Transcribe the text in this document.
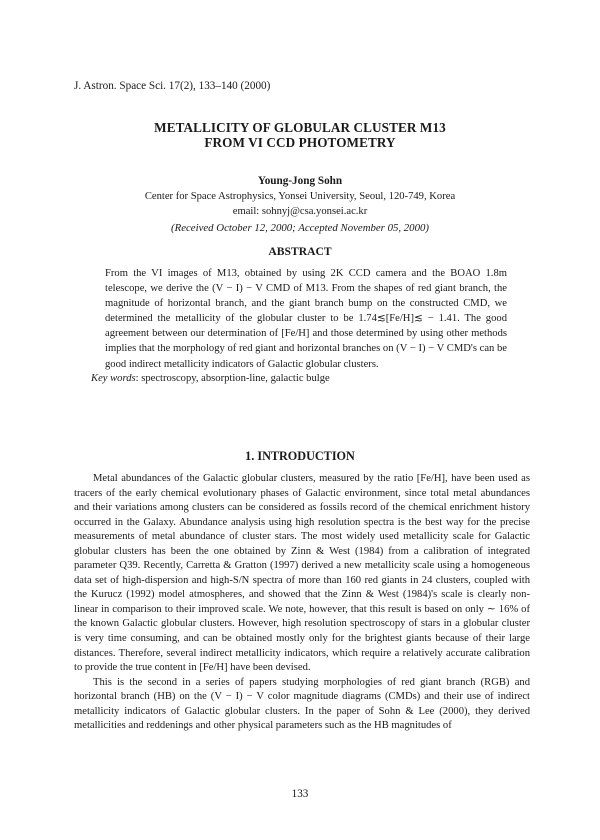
J. Astron. Space Sci. 17(2), 133–140 (2000)
METALLICITY OF GLOBULAR CLUSTER M13
FROM VI CCD PHOTOMETRY
Young-Jong Sohn
Center for Space Astrophysics, Yonsei University, Seoul, 120-749, Korea
email: sohnyj@csa.yonsei.ac.kr
(Received October 12, 2000; Accepted November 05, 2000)
ABSTRACT
From the VI images of M13, obtained by using 2K CCD camera and the BOAO 1.8m telescope, we derive the (V − I) − V CMD of M13. From the shapes of red giant branch, the magnitude of horizontal branch, and the giant branch bump on the constructed CMD, we determined the metallicity of the globular cluster to be 1.74≲[Fe/H]≲ − 1.41. The good agreement between our determination of [Fe/H] and those determined by using other methods implies that the morphology of red giant and horizontal branches on (V − I) − V CMD's can be good indirect metallicity indicators of Galactic globular clusters.
Key words: spectroscopy, absorption-line, galactic bulge
1. INTRODUCTION

Metal abundances of the Galactic globular clusters, measured by the ratio [Fe/H], have been used as tracers of the early chemical evolutionary phases of Galactic environment, since total metal abundances and their variations among clusters can be considered as fossils record of the chemical enrichment history occurred in the Galaxy. Abundance analysis using high resolution spectra is the best way for the precise measurements of metal abundance of cluster stars. The most widely used metallicity scale for Galactic globular clusters has been the one obtained by Zinn & West (1984) from a calibration of integrated parameter Q39. Recently, Carretta & Gratton (1997) derived a new metallicity scale using a homogeneous data set of high-dispersion and high-S/N spectra of more than 160 red giants in 24 clusters, coupled with the Kurucz (1992) model atmospheres, and showed that the Zinn & West (1984)'s scale is clearly non-linear in comparison to their improved scale. We note, however, that this result is based on only ∼ 16% of the known Galactic globular clusters. However, high resolution spectroscopy of stars in a globular cluster is very time consuming, and can be obtained mostly only for the brightest giants because of their large distances. Therefore, several indirect metallicity indicators, which require a relatively accurate calibration to provide the true content in [Fe/H] have been devised.

This is the second in a series of papers studying morphologies of red giant branch (RGB) and horizontal branch (HB) on the (V − I) − V color magnitude diagrams (CMDs) and their use of indirect metallicity indicators of Galactic globular clusters. In the paper of Sohn & Lee (2000), they derived metallicities and reddenings and other physical parameters such as the HB magnitudes of

133
